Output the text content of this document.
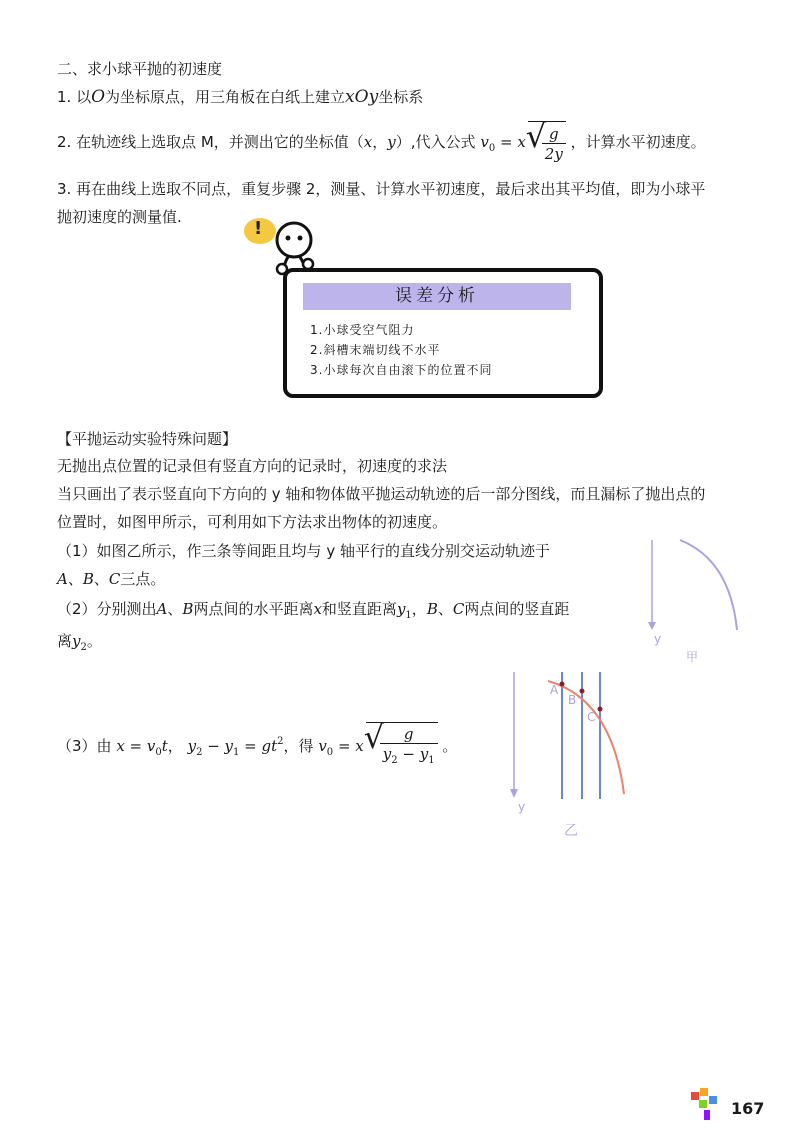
二、求小球平抛的初速度
1. 以O为坐标原点，用三角板在白纸上建立xOy坐标系
2. 在轨迹线上选取点 M，并测出它的坐标值（x，y）,代入公式 $v_0 = x$ √ $\frac{g}{2y}$ ，计算水平初速度。
3. 再在曲线上选取不同点，重复步骤 2，测量、计算水平初速度，最后求出其平均值，即为小球平
抛初速度的测量值.
!
误差分析
1.小球受空气阻力
2.斜槽末端切线不水平
3.小球每次自由滚下的位置不同
【平抛运动实验特殊问题】
无抛出点位置的记录但有竖直方向的记录时，初速度的求法
当只画出了表示竖直向下方向的 y 轴和物体做平抛运动轨迹的后一部分图线，而且漏标了抛出点的
位置时，如图甲所示，可利用如下方法求出物体的初速度。
（1）如图乙所示，作三条等间距且均与 y 轴平行的直线分别交运动轨迹于
A、B、C三点。
（2）分别测出A、B两点间的水平距离x和竖直距离$y_1$，B、C两点间的竖直距
离$y_2$。
（3）由 $x = v_0t$， $y_2 - y_1 = gt^2$，得 $v_0 = x$ √ $\frac{g}{y_2 - y_1}$ 。
y
甲
A
B
C
y
乙
167
